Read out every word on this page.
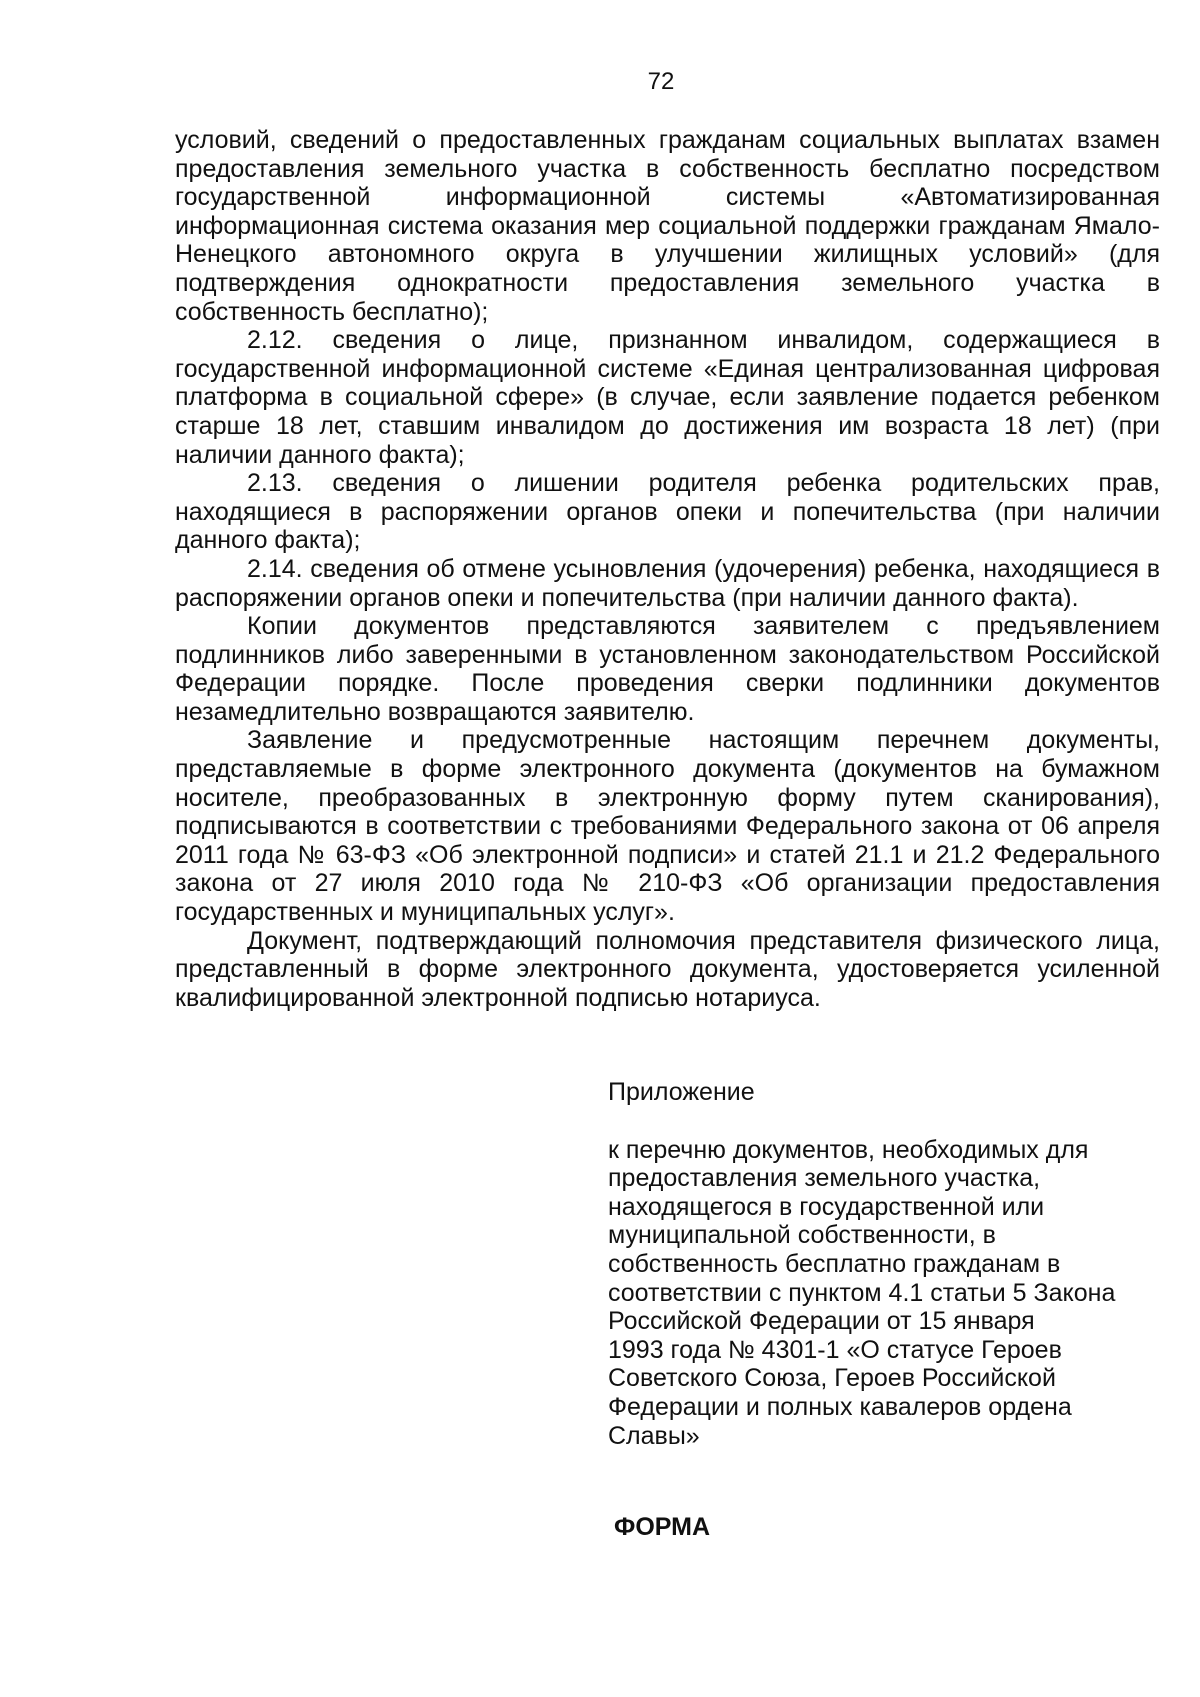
72

условий, сведений о предоставленных гражданам социальных выплатах взамен предоставления земельного участка в собственность бесплатно посредством государственной информационной системы «Автоматизированная информационная система оказания мер социальной поддержки гражданам Ямало-Ненецкого автономного округа в улучшении жилищных условий» (для подтверждения однократности предоставления земельного участка в собственность бесплатно);

2.12. сведения о лице, признанном инвалидом, содержащиеся в государственной информационной системе «Единая централизованная цифровая платформа в социальной сфере» (в случае, если заявление подается ребенком старше 18 лет, ставшим инвалидом до достижения им возраста 18 лет) (при наличии данного факта);

2.13. сведения о лишении родителя ребенка родительских прав, находящиеся в распоряжении органов опеки и попечительства (при наличии данного факта);

2.14. сведения об отмене усыновления (удочерения) ребенка, находящиеся в распоряжении органов опеки и попечительства (при наличии данного факта).

Копии документов представляются заявителем с предъявлением подлинников либо заверенными в установленном законодательством Российской Федерации порядке. После проведения сверки подлинники документов незамедлительно возвращаются заявителю.

Заявление и предусмотренные настоящим перечнем документы, представляемые в форме электронного документа (документов на бумажном носителе, преобразованных в электронную форму путем сканирования), подписываются в соответствии с требованиями Федерального закона от 06 апреля 2011 года № 63-ФЗ «Об электронной подписи» и статей 21.1 и 21.2 Федерального закона от 27 июля 2010 года № 210-ФЗ «Об организации предоставления государственных и муниципальных услуг».

Документ, подтверждающий полномочия представителя физического лица, представленный в форме электронного документа, удостоверяется усиленной квалифицированной электронной подписью нотариуса.

Приложение

к перечню документов, необходимых для
предоставления земельного участка,
находящегося в государственной или
муниципальной собственности, в
собственность бесплатно гражданам в
соответствии с пунктом 4.1 статьи 5 Закона
Российской Федерации от 15 января
1993 года № 4301-1 «О статусе Героев
Советского Союза, Героев Российской
Федерации и полных кавалеров ордена
Славы»

ФОРМА
